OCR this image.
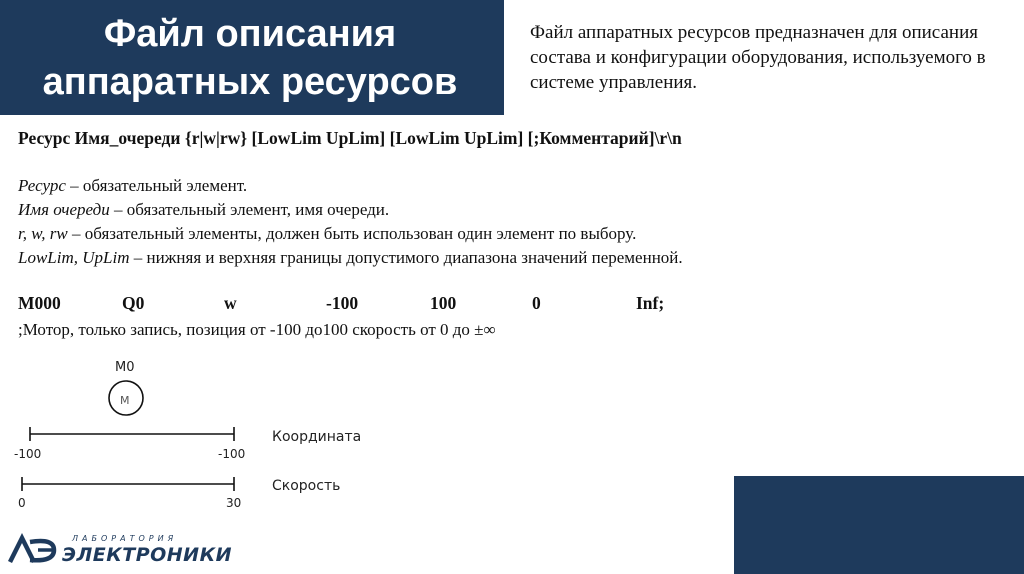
Файл описания
аппаратных ресурсов
Файл аппаратных ресурсов предназначен для описания состава и конфигурации оборудования, используемого в системе управления.
Ресурс Имя_очереди {r|w|rw} [LowLim UpLim] [LowLim UpLim] [;Комментарий]\r\n
Ресурс – обязательный элемент.
Имя очереди – обязательный элемент, имя очереди.
r, w, rw – обязательный элементы, должен быть использован один элемент по выбору.
LowLim, UpLim – нижняя и верхняя границы допустимого диапазона значений переменной.
M000	Q0	w	-100	100	0	Inf;
;Мотор, только запись, позиция от -100 до100 скорость от 0 до ±∞
M0
M
-100	-100
Координата
0	30
Скорость
ЛАБОРАТОРИЯ
ЭЛЕКТРОНИКИ
